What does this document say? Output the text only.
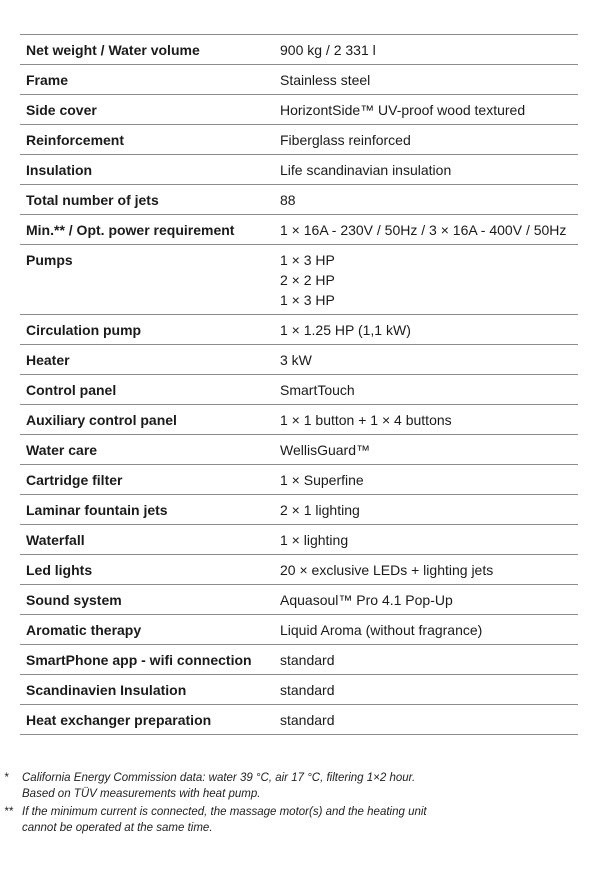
Net weight / Water volume	900 kg / 2 331 l

Frame	Stainless steel

Side cover	HorizontSide™ UV-proof wood textured

Reinforcement	Fiberglass reinforced

Insulation	Life scandinavian insulation

Total number of jets	88

Min.** / Opt. power requirement	1 × 16A - 230V / 50Hz / 3 × 16A - 400V / 50Hz

Pumps	1 × 3 HP
2 × 2 HP
1 × 3 HP

Circulation pump	1 × 1.25 HP (1,1 kW)

Heater	3 kW

Control panel	SmartTouch

Auxiliary control panel	1 × 1 button + 1 × 4 buttons

Water care	WellisGuard™

Cartridge filter	1 × Superfine

Laminar fountain jets	2 × 1 lighting

Waterfall	1 × lighting

Led lights	20 × exclusive LEDs + lighting jets

Sound system	Aquasoul™ Pro 4.1 Pop-Up

Aromatic therapy	Liquid Aroma (without fragrance)

SmartPhone app - wifi connection	standard

Scandinavien Insulation	standard

Heat exchanger preparation	standard
*	California Energy Commission data: water 39 °C, air 17 °C, filtering 1×2 hour.
Based on TÜV measurements with heat pump.
** If the minimum current is connected, the massage motor(s) and the heating unit
cannot be operated at the same time.
